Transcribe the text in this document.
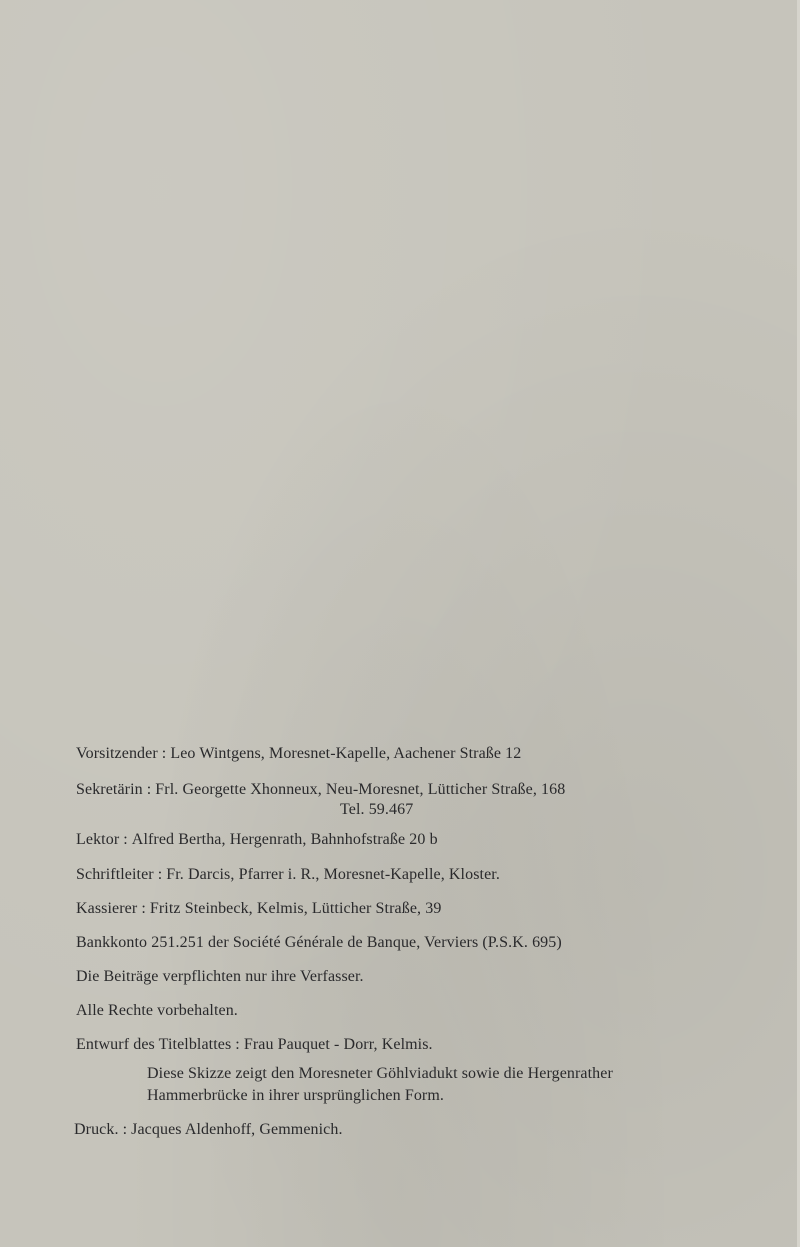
Vorsitzender : Leo Wintgens, Moresnet-Kapelle, Aachener Straße 12
Sekretärin : Frl. Georgette Xhonneux, Neu-Moresnet, Lütticher Straße, 168
Tel. 59.467
Lektor : Alfred Bertha, Hergenrath, Bahnhofstraße 20 b
Schriftleiter : Fr. Darcis, Pfarrer i. R., Moresnet-Kapelle, Kloster.
Kassierer : Fritz Steinbeck, Kelmis, Lütticher Straße, 39
Bankkonto 251.251 der Société Générale de Banque, Verviers (P.S.K. 695)
Die Beiträge verpflichten nur ihre Verfasser.
Alle Rechte vorbehalten.
Entwurf des Titelblattes : Frau Pauquet - Dorr, Kelmis.
Diese Skizze zeigt den Moresneter Göhlviadukt sowie die Hergenrather
Hammerbrücke in ihrer ursprünglichen Form.
Druck. : Jacques Aldenhoff, Gemmenich.
